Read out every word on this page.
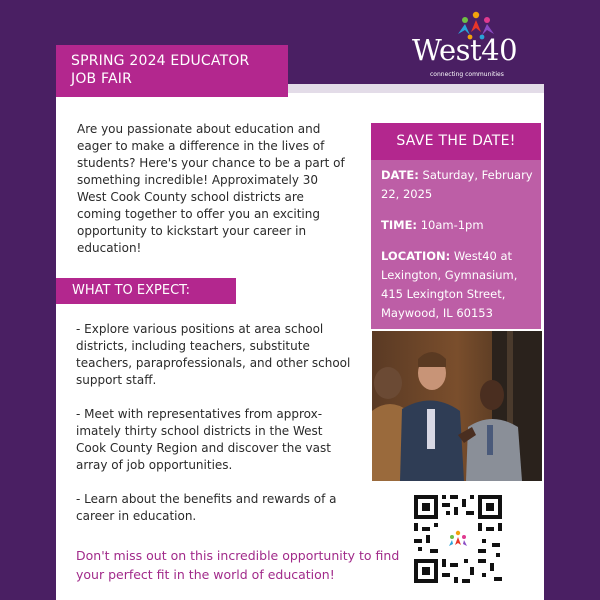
SPRING 2024 EDUCATOR
JOB FAIR
West40
connecting communities
Are you passionate about education and eager to make a difference in the lives of students? Here's your chance to be a part of something incredible! Approximately 30 West Cook County school districts are coming together to offer you an exciting opportunity to kickstart your career in education!
WHAT TO EXPECT:

- Explore various positions at area school districts, including teachers, substitute teachers, paraprofessionals, and other school support staff.

- Meet with representatives from approx-imately thirty school districts in the West Cook County Region and discover the vast array of job opportunities.

- Learn about the benefits and rewards of a career in education.

Don't miss out on this incredible opportunity to find your perfect fit in the world of education!
SAVE THE DATE!

DATE: Saturday, February 22, 2025

TIME: 10am-1pm

LOCATION: West40 at Lexington, Gymnasium, 415 Lexington Street, Maywood, IL 60153
